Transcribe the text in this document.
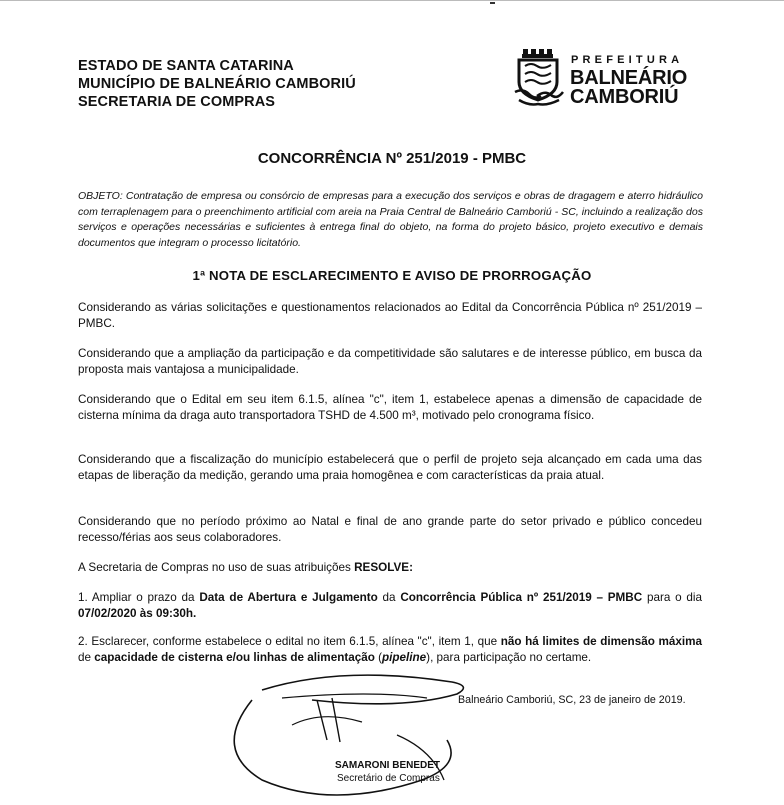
ESTADO DE SANTA CATARINA
MUNICÍPIO DE BALNEÁRIO CAMBORIÚ
SECRETARIA DE COMPRAS
PREFEITURA
BALNEÁRIO
CAMBORIÚ
CONCORRÊNCIA Nº 251/2019 - PMBC
OBJETO: Contratação de empresa ou consórcio de empresas para a execução dos serviços e obras de dragagem e aterro hidráulico com terraplenagem para o preenchimento artificial com areia na Praia Central de Balneário Camboriú - SC, incluindo a realização dos serviços e operações necessárias e suficientes à entrega final do objeto, na forma do projeto básico, projeto executivo e demais documentos que integram o processo licitatório.
1ª NOTA DE ESCLARECIMENTO E AVISO DE PRORROGAÇÃO
Considerando as várias solicitações e questionamentos relacionados ao Edital da Concorrência Pública nº 251/2019 – PMBC.
Considerando que a ampliação da participação e da competitividade são salutares e de interesse público, em busca da proposta mais vantajosa a municipalidade.
Considerando que o Edital em seu item 6.1.5, alínea "c", item 1, estabelece apenas a dimensão de capacidade de cisterna mínima da draga auto transportadora TSHD de 4.500 m³, motivado pelo cronograma físico.
Considerando que a fiscalização do município estabelecerá que o perfil de projeto seja alcançado em cada uma das etapas de liberação da medição, gerando uma praia homogênea e com características da praia atual.
Considerando que no período próximo ao Natal e final de ano grande parte do setor privado e público concedeu recesso/férias aos seus colaboradores.
A Secretaria de Compras no uso de suas atribuições RESOLVE:
1. Ampliar o prazo da Data de Abertura e Julgamento da Concorrência Pública nº 251/2019 – PMBC para o dia 07/02/2020 às 09:30h.
2. Esclarecer, conforme estabelece o edital no item 6.1.5, alínea "c", item 1, que não há limites de dimensão máxima de capacidade de cisterna e/ou linhas de alimentação (pipeline), para participação no certame.
Balneário Camboriú, SC, 23 de janeiro de 2019.
SAMARONI BENEDET
Secretário de Compras
